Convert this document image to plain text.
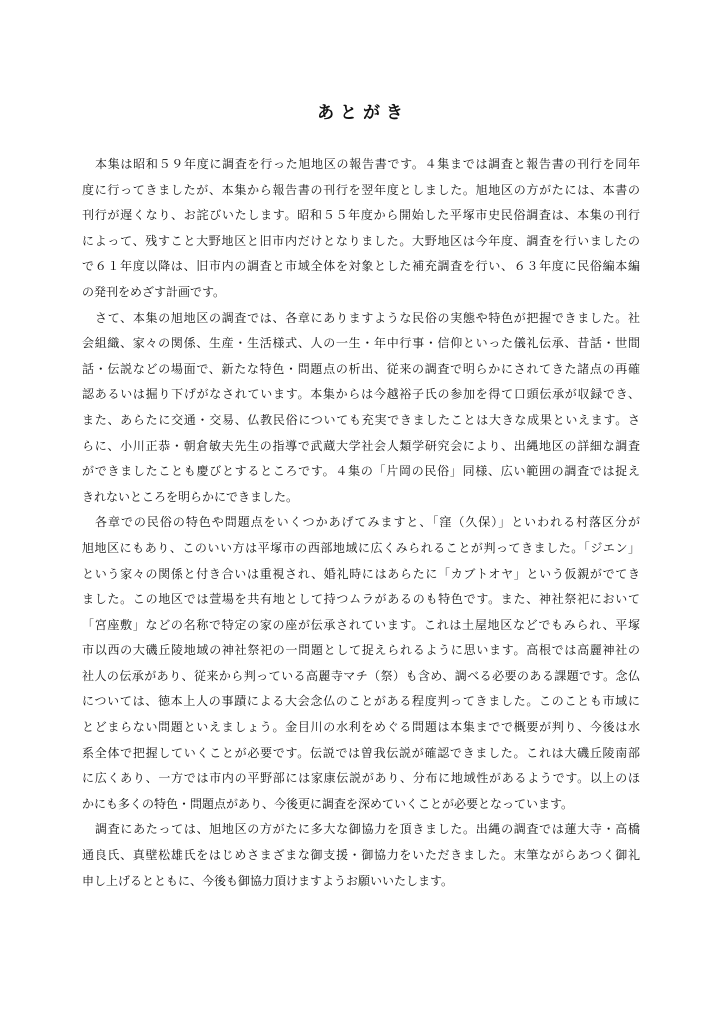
あ と が き
本集は昭和５９年度に調査を行った旭地区の報告書です。４集までは調査と報告書の刊行を同年
度に行ってきましたが、本集から報告書の刊行を翌年度としました。旭地区の方がたには、本書の
刊行が遅くなり、お詫びいたします。昭和５５年度から開始した平塚市史民俗調査は、本集の刊行
によって、残すこと大野地区と旧市内だけとなりました。大野地区は今年度、調査を行いましたの
で６１年度以降は、旧市内の調査と市域全体を対象とした補充調査を行い、６３年度に民俗編本編
の発刊をめざす計画です。
さて、本集の旭地区の調査では、各章にありますような民俗の実態や特色が把握できました。社
会組織、家々の関係、生産・生活様式、人の一生・年中行事・信仰といった儀礼伝承、昔話・世間
話・伝説などの場面で、新たな特色・問題点の析出、従来の調査で明らかにされてきた諸点の再確
認あるいは掘り下げがなされています。本集からは今越裕子氏の参加を得て口頭伝承が収録でき、
また、あらたに交通・交易、仏教民俗についても充実できましたことは大きな成果といえます。さ
らに、小川正恭・朝倉敏夫先生の指導で武蔵大学社会人類学研究会により、出縄地区の詳細な調査
ができましたことも慶びとするところです。４集の「片岡の民俗」同様、広い範囲の調査では捉え
きれないところを明らかにできました。
各章での民俗の特色や問題点をいくつかあげてみますと、「窪（久保）」といわれる村落区分が
旭地区にもあり、このいい方は平塚市の西部地域に広くみられることが判ってきました。「ジエン」
という家々の関係と付き合いは重視され、婚礼時にはあらたに「カブトオヤ」という仮親がでてき
ました。この地区では萱場を共有地として持つムラがあるのも特色です。また、神社祭祀において
「宮座敷」などの名称で特定の家の座が伝承されています。これは土屋地区などでもみられ、平塚
市以西の大磯丘陵地域の神社祭祀の一問題として捉えられるように思います。高根では高麗神社の
社人の伝承があり、従来から判っている高麗寺マチ（祭）も含め、調べる必要のある課題です。念仏
については、徳本上人の事蹟による大会念仏のことがある程度判ってきました。このことも市域に
とどまらない問題といえましょう。金目川の水利をめぐる問題は本集までで概要が判り、今後は水
系全体で把握していくことが必要です。伝説では曽我伝説が確認できました。これは大磯丘陵南部
に広くあり、一方では市内の平野部には家康伝説があり、分布に地域性があるようです。以上のほ
かにも多くの特色・問題点があり、今後更に調査を深めていくことが必要となっています。
調査にあたっては、旭地区の方がたに多大な御協力を頂きました。出縄の調査では蓮大寺・高橋
通良氏、真壁松雄氏をはじめさまざまな御支援・御協力をいただきました。末筆ながらあつく御礼
申し上げるとともに、今後も御協力頂けますようお願いいたします。
